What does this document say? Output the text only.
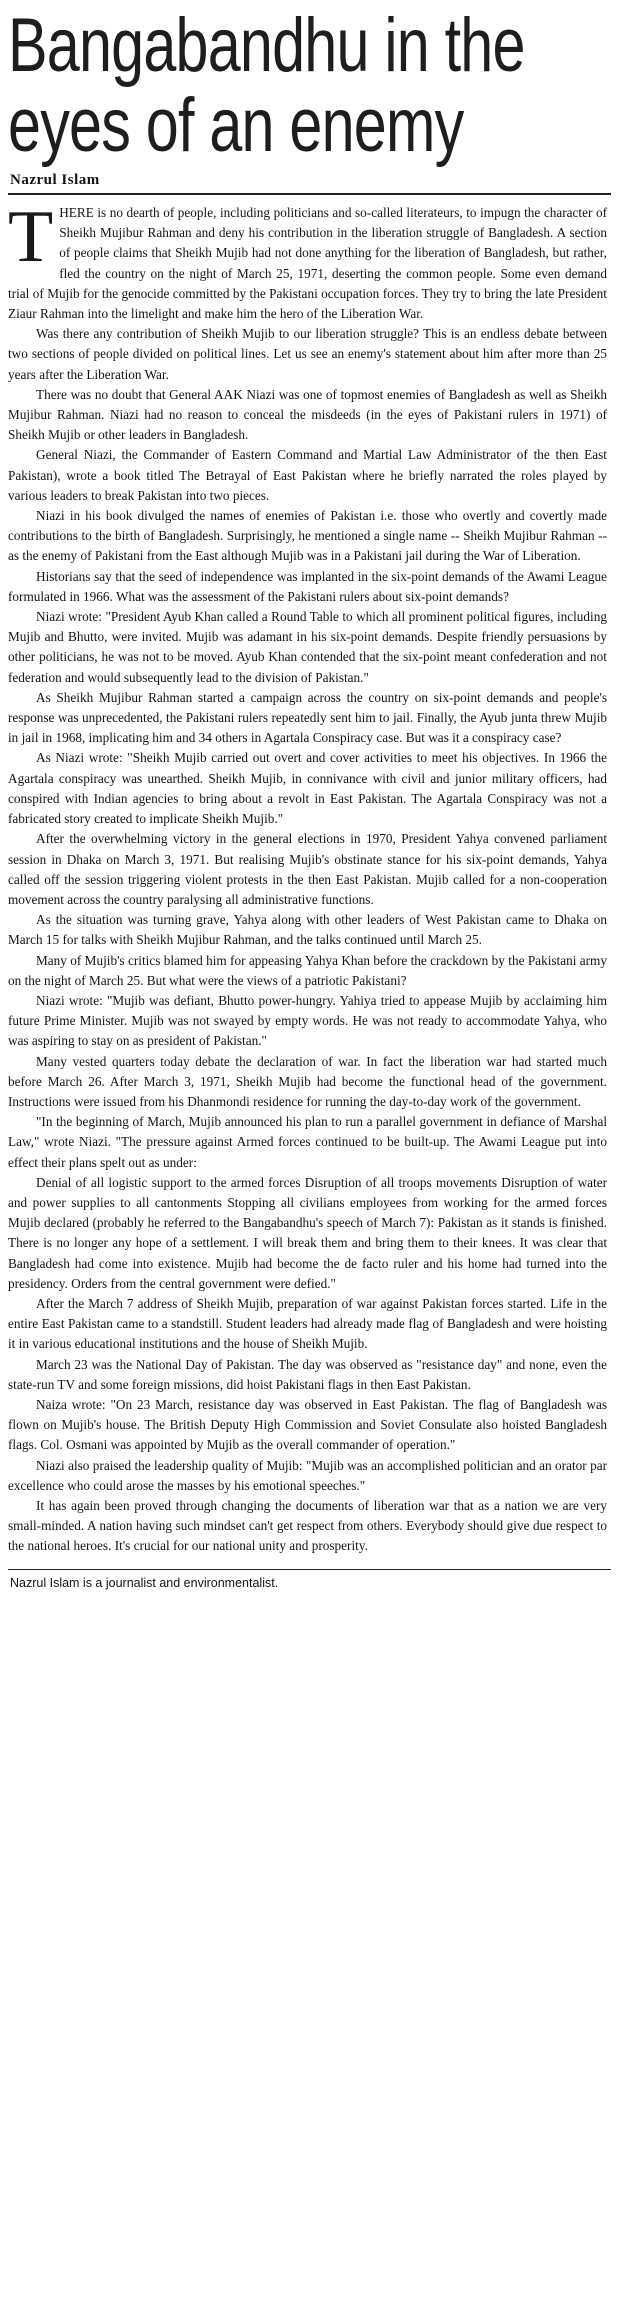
Bangabandhu in the
eyes of an enemy
Nazrul Islam

THERE is no dearth of people, including politicians and so-called literateurs, to impugn the character of Sheikh Mujibur Rahman and deny his contribution in the liberation struggle of Bangladesh. A section of people claims that Sheikh Mujib had not done anything for the liberation of Bangladesh, but rather, fled the country on the night of March 25, 1971, deserting the common people. Some even demand trial of Mujib for the genocide committed by the Pakistani occupation forces. They try to bring the late President Ziaur Rahman into the limelight and make him the hero of the Liberation War.

Was there any contribution of Sheikh Mujib to our liberation struggle? This is an endless debate between two sections of people divided on political lines. Let us see an enemy's statement about him after more than 25 years after the Liberation War.

There was no doubt that General AAK Niazi was one of topmost enemies of Bangladesh as well as Sheikh Mujibur Rahman. Niazi had no reason to conceal the misdeeds (in the eyes of Pakistani rulers in 1971) of Sheikh Mujib or other leaders in Bangladesh.

General Niazi, the Commander of Eastern Command and Martial Law Administrator of the then East Pakistan), wrote a book titled The Betrayal of East Pakistan where he briefly narrated the roles played by various leaders to break Pakistan into two pieces.

Niazi in his book divulged the names of enemies of Pakistan i.e. those who overtly and covertly made contributions to the birth of Bangladesh. Surprisingly, he mentioned a single name -- Sheikh Mujibur Rahman -- as the enemy of Pakistani from the East although Mujib was in a Pakistani jail during the War of Liberation.

Historians say that the seed of independence was implanted in the six-point demands of the Awami League formulated in 1966. What was the assessment of the Pakistani rulers about six-point demands?

Niazi wrote: "President Ayub Khan called a Round Table to which all prominent political figures, including Mujib and Bhutto, were invited. Mujib was adamant in his six-point demands. Despite friendly persuasions by other politicians, he was not to be moved. Ayub Khan contended that the six-point meant confederation and not federation and would subsequently lead to the division of Pakistan."

As Sheikh Mujibur Rahman started a campaign across the country on six-point demands and people's response was unprecedented, the Pakistani rulers repeatedly sent him to jail. Finally, the Ayub junta threw Mujib in jail in 1968, implicating him and 34 others in Agartala Conspiracy case. But was it a conspiracy case?

As Niazi wrote: "Sheikh Mujib carried out overt and cover activities to meet his objectives. In 1966 the Agartala conspiracy was unearthed. Sheikh Mujib, in connivance with civil and junior military officers, had conspired with Indian agencies to bring about a revolt in East Pakistan. The Agartala Conspiracy was not a fabricated story created to implicate Sheikh Mujib."

After the overwhelming victory in the general elections in 1970, President Yahya convened parliament session in Dhaka on March 3, 1971. But realising Mujib's obstinate stance for his six-point demands, Yahya called off the session triggering violent protests in the then East Pakistan. Mujib called for a non-cooperation movement across the country paralysing all administrative functions.

As the situation was turning grave, Yahya along with other leaders of West Pakistan came to Dhaka on March 15 for talks with Sheikh Mujibur Rahman, and the talks continued until March 25.

Many of Mujib's critics blamed him for appeasing Yahya Khan before the crackdown by the Pakistani army on the night of March 25. But what were the views of a patriotic Pakistani?

Niazi wrote: "Mujib was defiant, Bhutto power-hungry. Yahiya tried to appease Mujib by acclaiming him future Prime Minister. Mujib was not swayed by empty words. He was not ready to accommodate Yahya, who was aspiring to stay on as president of Pakistan."

Many vested quarters today debate the declaration of war. In fact the liberation war had started much before March 26. After March 3, 1971, Sheikh Mujib had become the functional head of the government. Instructions were issued from his Dhanmondi residence for running the day-to-day work of the government.

"In the beginning of March, Mujib announced his plan to run a parallel government in defiance of Marshal Law," wrote Niazi. "The pressure against Armed forces continued to be built-up. The Awami League put into effect their plans spelt out as under:

Denial of all logistic support to the armed forces Disruption of all troops movements Disruption of water and power supplies to all cantonments Stopping all civilians employees from working for the armed forces Mujib declared (probably he referred to the Bangabandhu's speech of March 7): Pakistan as it stands is finished. There is no longer any hope of a settlement. I will break them and bring them to their knees. It was clear that Bangladesh had come into existence. Mujib had become the de facto ruler and his home had turned into the presidency. Orders from the central government were defied."

After the March 7 address of Sheikh Mujib, preparation of war against Pakistan forces started. Life in the entire East Pakistan came to a standstill. Student leaders had already made flag of Bangladesh and were hoisting it in various educational institutions and the house of Sheikh Mujib.

March 23 was the National Day of Pakistan. The day was observed as "resistance day" and none, even the state-run TV and some foreign missions, did hoist Pakistani flags in then East Pakistan.

Naiza wrote: "On 23 March, resistance day was observed in East Pakistan. The flag of Bangladesh was flown on Mujib's house. The British Deputy High Commission and Soviet Consulate also hoisted Bangladesh flags. Col. Osmani was appointed by Mujib as the overall commander of operation."

Niazi also praised the leadership quality of Mujib: "Mujib was an accomplished politician and an orator par excellence who could arose the masses by his emotional speeches."

It has again been proved through changing the documents of liberation war that as a nation we are very small-minded. A nation having such mindset can't get respect from others. Everybody should give due respect to the national heroes. It's crucial for our national unity and prosperity.

Nazrul Islam is a journalist and environmentalist.
